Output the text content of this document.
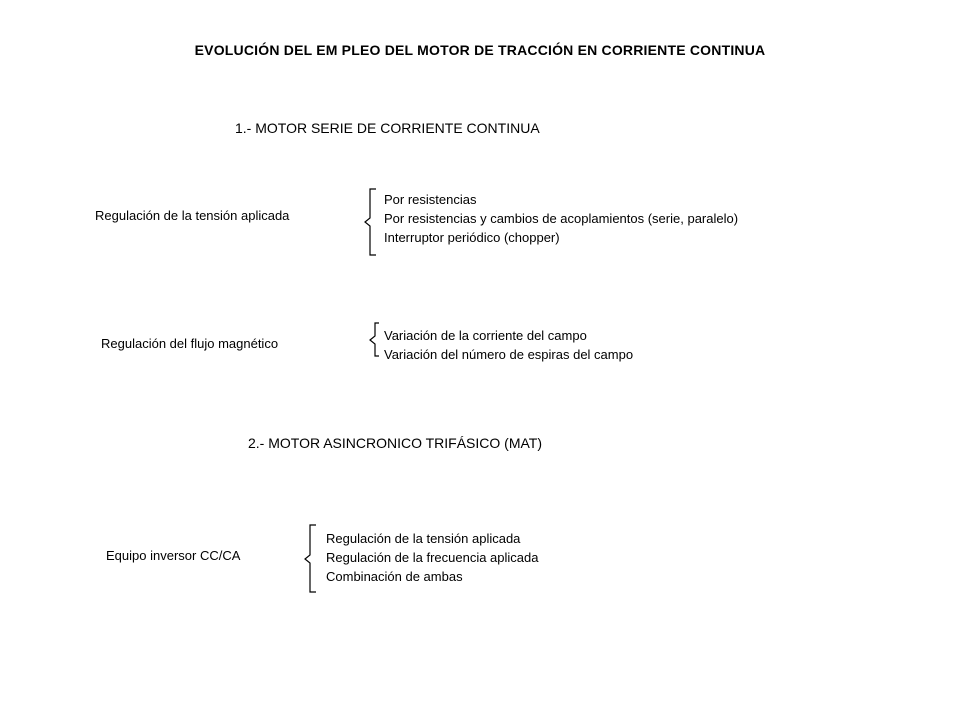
EVOLUCIÓN DEL EM PLEO DEL MOTOR DE TRACCIÓN EN CORRIENTE CONTINUA
1.- MOTOR SERIE DE CORRIENTE CONTINUA
Regulación de la tensión aplicada
Por resistencias
Por resistencias y cambios de acoplamientos (serie, paralelo)
Interruptor periódico (chopper)
Regulación del flujo magnético
Variación de la corriente del campo
Variación del número de espiras del campo
2.- MOTOR ASINCRONICO TRIFÁSICO (MAT)
Equipo inversor CC/CA
Regulación de la tensión aplicada
Regulación de la frecuencia aplicada
Combinación de ambas
